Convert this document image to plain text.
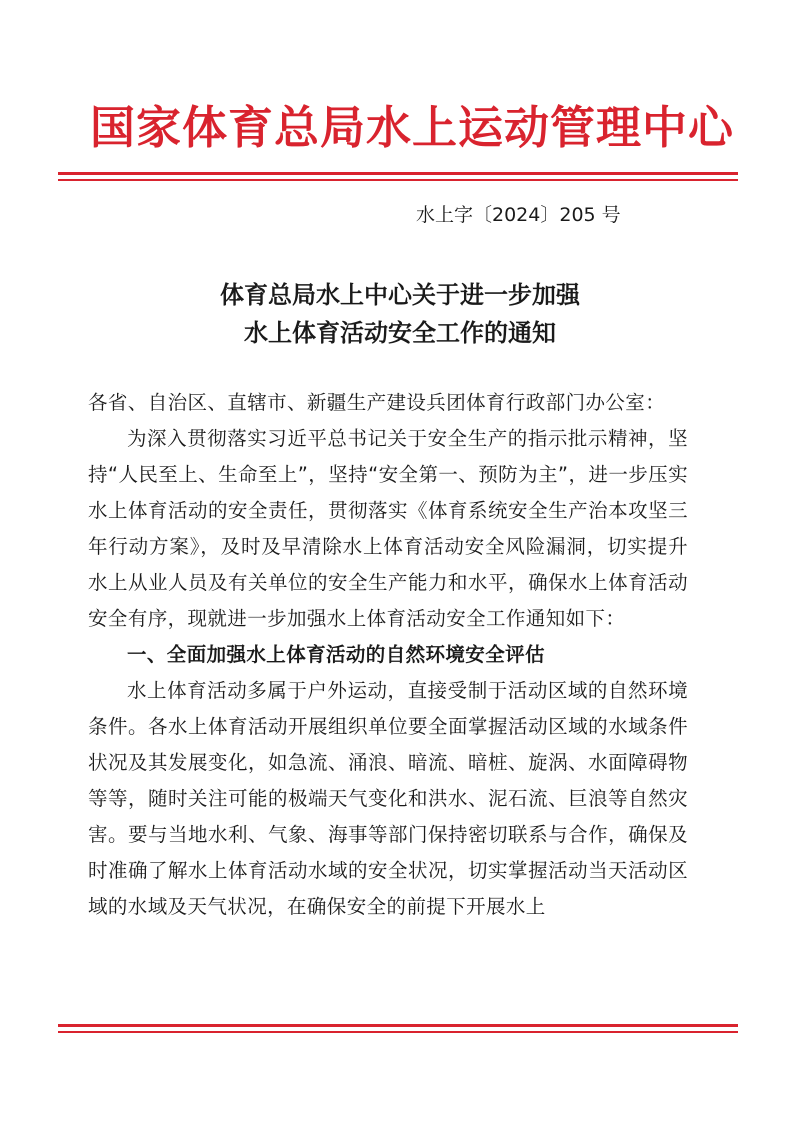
国家体育总局水上运动管理中心
水上字〔2024〕205 号
体育总局水上中心关于进一步加强
水上体育活动安全工作的通知

各省、自治区、直辖市、新疆生产建设兵团体育行政部门办公室：

为深入贯彻落实习近平总书记关于安全生产的指示批示精神，坚持“人民至上、生命至上”，坚持“安全第一、预防为主”，进一步压实水上体育活动的安全责任，贯彻落实《体育系统安全生产治本攻坚三年行动方案》，及时及早清除水上体育活动安全风险漏洞，切实提升水上从业人员及有关单位的安全生产能力和水平，确保水上体育活动安全有序，现就进一步加强水上体育活动安全工作通知如下：

一、全面加强水上体育活动的自然环境安全评估

水上体育活动多属于户外运动，直接受制于活动区域的自然环境条件。各水上体育活动开展组织单位要全面掌握活动区域的水域条件状况及其发展变化，如急流、涌浪、暗流、暗桩、旋涡、水面障碍物等等，随时关注可能的极端天气变化和洪水、泥石流、巨浪等自然灾害。要与当地水利、气象、海事等部门保持密切联系与合作，确保及时准确了解水上体育活动水域的安全状况，切实掌握活动当天活动区域的水域及天气状况，在确保安全的前提下开展水上
